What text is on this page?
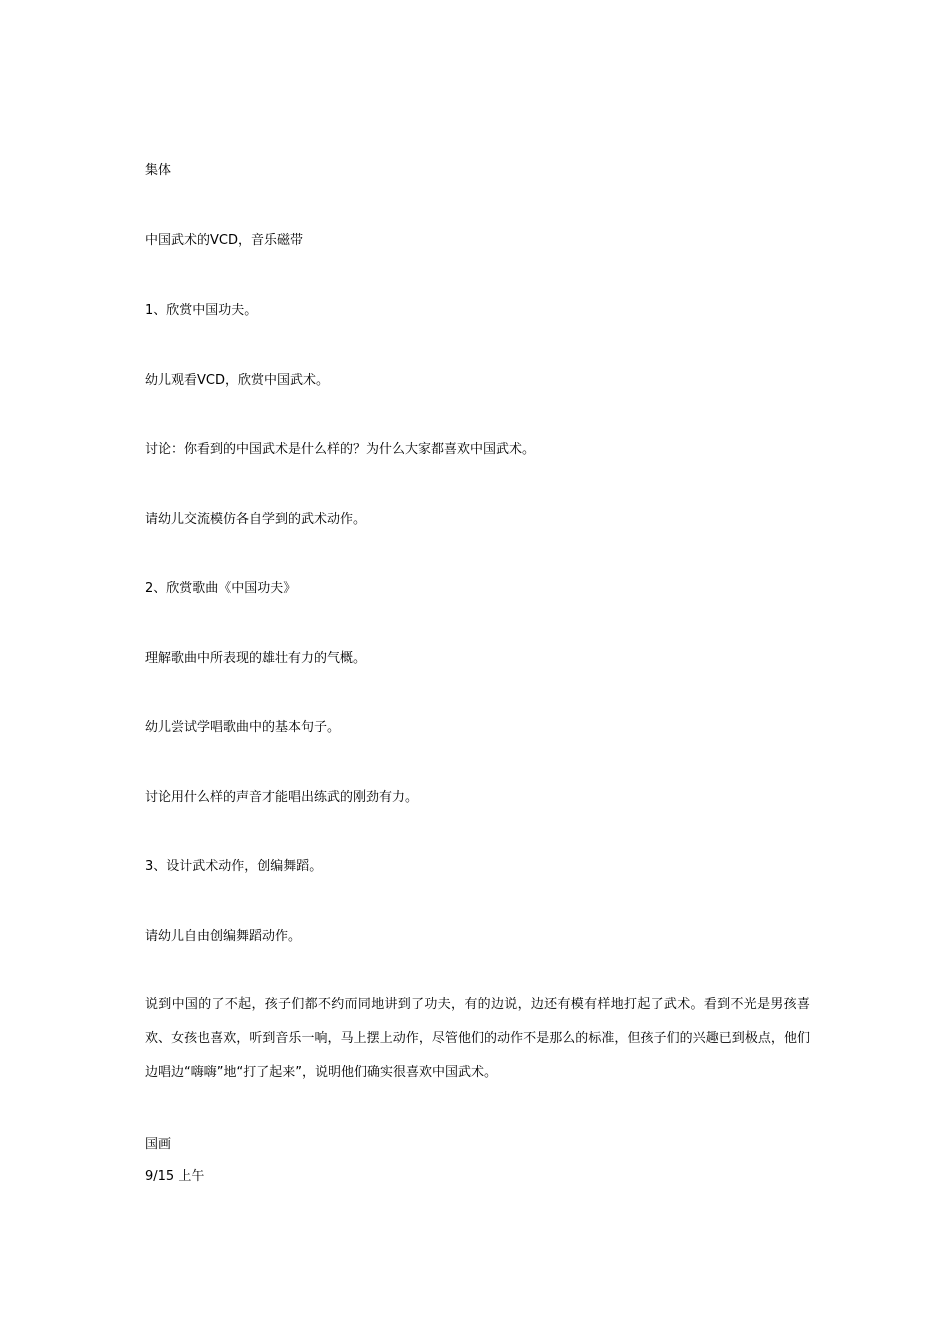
集体
中国武术的VCD，音乐磁带
1、欣赏中国功夫。
幼儿观看VCD，欣赏中国武术。
讨论：你看到的中国武术是什么样的？为什么大家都喜欢中国武术。
请幼儿交流模仿各自学到的武术动作。
2、欣赏歌曲《中国功夫》
理解歌曲中所表现的雄壮有力的气概。
幼儿尝试学唱歌曲中的基本句子。
讨论用什么样的声音才能唱出练武的刚劲有力。
3、设计武术动作，创编舞蹈。
请幼儿自由创编舞蹈动作。
说到中国的了不起，孩子们都不约而同地讲到了功夫，有的边说，边还有模有样地打起了武术。看到不光是男孩喜欢、女孩也喜欢，听到音乐一响，马上摆上动作，尽管他们的动作不是那么的标准，但孩子们的兴趣已到极点，他们边唱边“嗨嗨”地“打了起来”，说明他们确实很喜欢中国武术。
国画
9/15 上午
